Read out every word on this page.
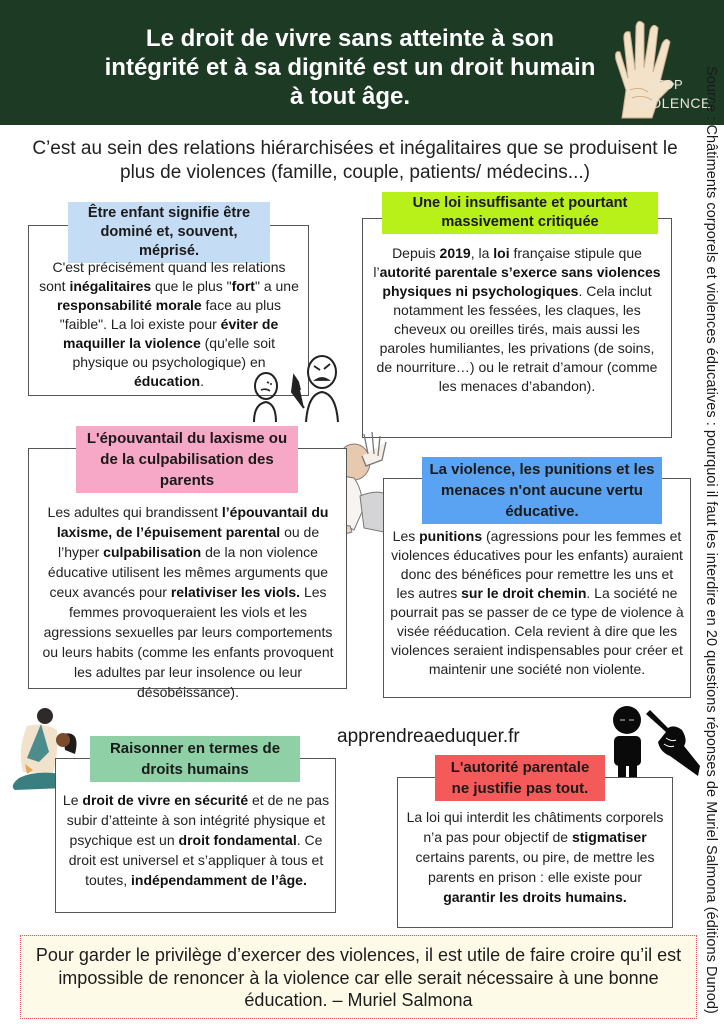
Le droit de vivre sans atteinte à son intégrité et à sa dignité est un droit humain à tout âge.	STOP
VIOLENCE
Source : Châtiments corporels et violences éducatives : pourquoi il faut les interdire en 20 questions réponses de Muriel Salmona (éditions Dunod)
C’est au sein des relations hiérarchisées et inégalitaires que se produisent le plus de violences (famille, couple, patients/ médecins...)
Être enfant signifie être dominé et, souvent, méprisé.
C'est précisément quand les relations sont inégalitaires que le plus "fort" a une responsabilité morale face au plus "faible". La loi existe pour éviter de maquiller la violence (qu'elle soit physique ou psychologique) en éducation.
Une loi insuffisante et pourtant massivement critiquée
Depuis 2019, la loi française stipule que l’autorité parentale s’exerce sans violences physiques ni psychologiques. Cela inclut notamment les fessées, les claques, les cheveux ou oreilles tirés, mais aussi les paroles humiliantes, les privations (de soins, de nourriture…) ou le retrait d’amour (comme les menaces d’abandon).
L'épouvantail du laxisme ou de la culpabilisation des parents
Les adultes qui brandissent l’épouvantail du laxisme, de l’épuisement parental ou de l’hyper culpabilisation de la non violence éducative utilisent les mêmes arguments que ceux avancés pour relativiser les viols. Les femmes provoqueraient les viols et les agressions sexuelles par leurs comportements ou leurs habits (comme les enfants provoquent les adultes par leur insolence ou leur désobéissance).
La violence, les punitions et les menaces n'ont aucune vertu éducative.
Les punitions (agressions pour les femmes et violences éducatives pour les enfants) auraient donc des bénéfices pour remettre les uns et les autres sur le droit chemin. La société ne pourrait pas se passer de ce type de violence à visée rééducation. Cela revient à dire que les violences seraient indispensables pour créer et maintenir une société non violente.
apprendreaeduquer.fr
Raisonner en termes de droits humains
Le droit de vivre en sécurité et de ne pas subir d’atteinte à son intégrité physique et psychique est un droit fondamental. Ce droit est universel et s’appliquer à tous et toutes, indépendamment de l’âge.
L'autorité parentale ne justifie pas tout.
La loi qui interdit les châtiments corporels n’a pas pour objectif de stigmatiser certains parents, ou pire, de mettre les parents en prison : elle existe pour garantir les droits humains.
Pour garder le privilège d’exercer des violences, il est utile de faire croire qu’il est impossible de renoncer à la violence car elle serait nécessaire à une bonne éducation. – Muriel Salmona
